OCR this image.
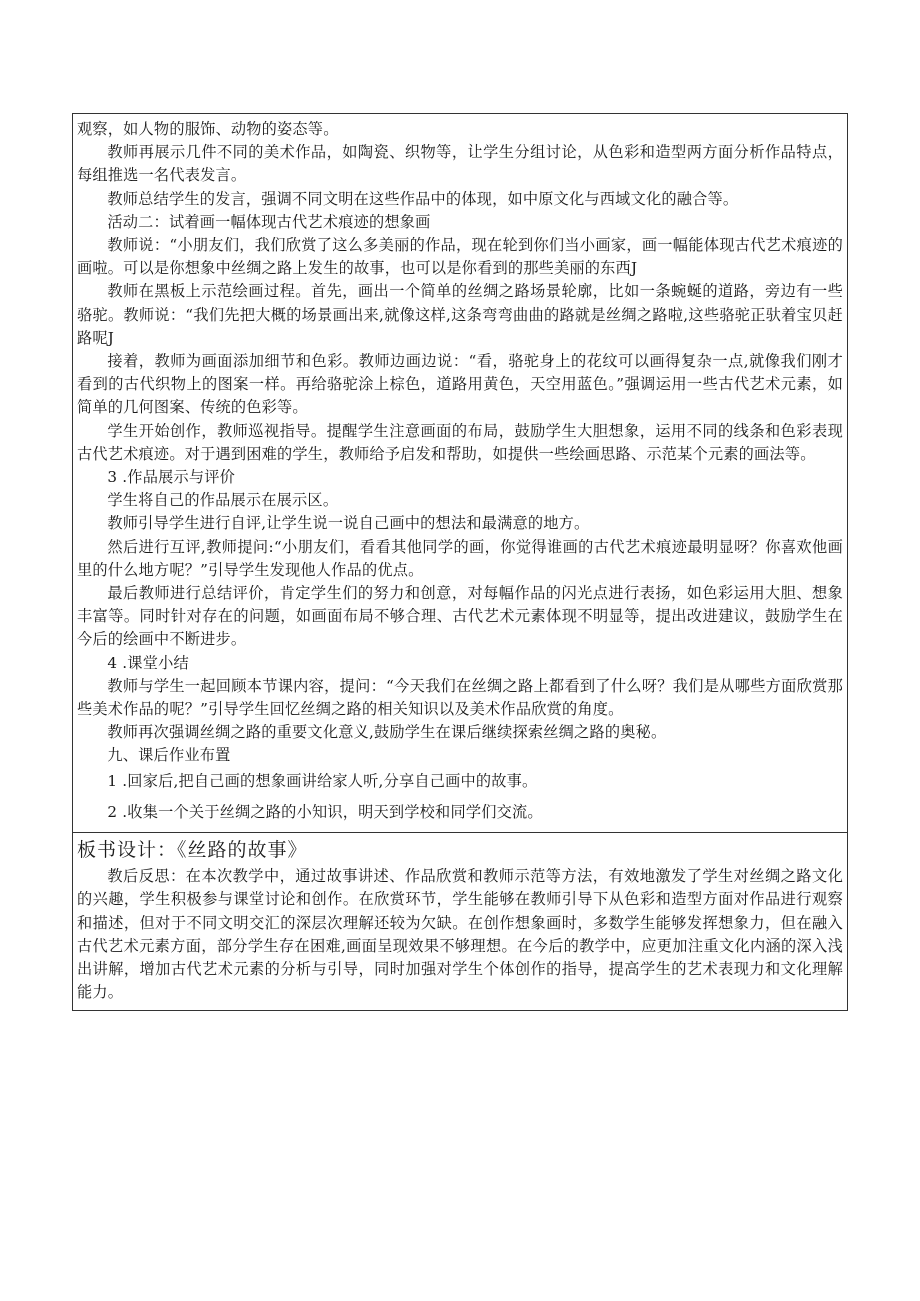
观察，如人物的服饰、动物的姿态等。

教师再展示几件不同的美术作品，如陶瓷、织物等，让学生分组讨论，从色彩和造型两方面分析作品特点，每组推选一名代表发言。

教师总结学生的发言，强调不同文明在这些作品中的体现，如中原文化与西域文化的融合等。

活动二：试着画一幅体现古代艺术痕迹的想象画

教师说：“小朋友们，我们欣赏了这么多美丽的作品，现在轮到你们当小画家，画一幅能体现古代艺术痕迹的画啦。可以是你想象中丝绸之路上发生的故事，也可以是你看到的那些美丽的东西J

教师在黑板上示范绘画过程。首先，画出一个简单的丝绸之路场景轮廓，比如一条蜿蜒的道路，旁边有一些骆驼。教师说：“我们先把大概的场景画出来,就像这样,这条弯弯曲曲的路就是丝绸之路啦,这些骆驼正驮着宝贝赶路呢J

接着，教师为画面添加细节和色彩。教师边画边说：“看，骆驼身上的花纹可以画得复杂一点,就像我们刚才看到的古代织物上的图案一样。再给骆驼涂上棕色，道路用黄色，天空用蓝色。”强调运用一些古代艺术元素，如简单的几何图案、传统的色彩等。

学生开始创作，教师巡视指导。提醒学生注意画面的布局，鼓励学生大胆想象，运用不同的线条和色彩表现古代艺术痕迹。对于遇到困难的学生，教师给予启发和帮助，如提供一些绘画思路、示范某个元素的画法等。

3 .作品展示与评价

学生将自己的作品展示在展示区。

教师引导学生进行自评,让学生说一说自己画中的想法和最满意的地方。

然后进行互评,教师提问:“小朋友们，看看其他同学的画，你觉得谁画的古代艺术痕迹最明显呀？你喜欢他画里的什么地方呢？”引导学生发现他人作品的优点。

最后教师进行总结评价，肯定学生们的努力和创意，对每幅作品的闪光点进行表扬，如色彩运用大胆、想象丰富等。同时针对存在的问题，如画面布局不够合理、古代艺术元素体现不明显等，提出改进建议，鼓励学生在今后的绘画中不断进步。

4 .课堂小结

教师与学生一起回顾本节课内容，提问：“今天我们在丝绸之路上都看到了什么呀？我们是从哪些方面欣赏那些美术作品的呢？”引导学生回忆丝绸之路的相关知识以及美术作品欣赏的角度。

教师再次强调丝绸之路的重要文化意义,鼓励学生在课后继续探索丝绸之路的奥秘。

九、课后作业布置

1 .回家后,把自己画的想象画讲给家人听,分享自己画中的故事。

2 .收集一个关于丝绸之路的小知识，明天到学校和同学们交流。

板书设计：《丝路的故事》

教后反思：在本次教学中，通过故事讲述、作品欣赏和教师示范等方法，有效地激发了学生对丝绸之路文化的兴趣，学生积极参与课堂讨论和创作。在欣赏环节，学生能够在教师引导下从色彩和造型方面对作品进行观察和描述，但对于不同文明交汇的深层次理解还较为欠缺。在创作想象画时，多数学生能够发挥想象力，但在融入古代艺术元素方面，部分学生存在困难,画面呈现效果不够理想。在今后的教学中，应更加注重文化内涵的深入浅出讲解，增加古代艺术元素的分析与引导，同时加强对学生个体创作的指导，提高学生的艺术表现力和文化理解能力。
